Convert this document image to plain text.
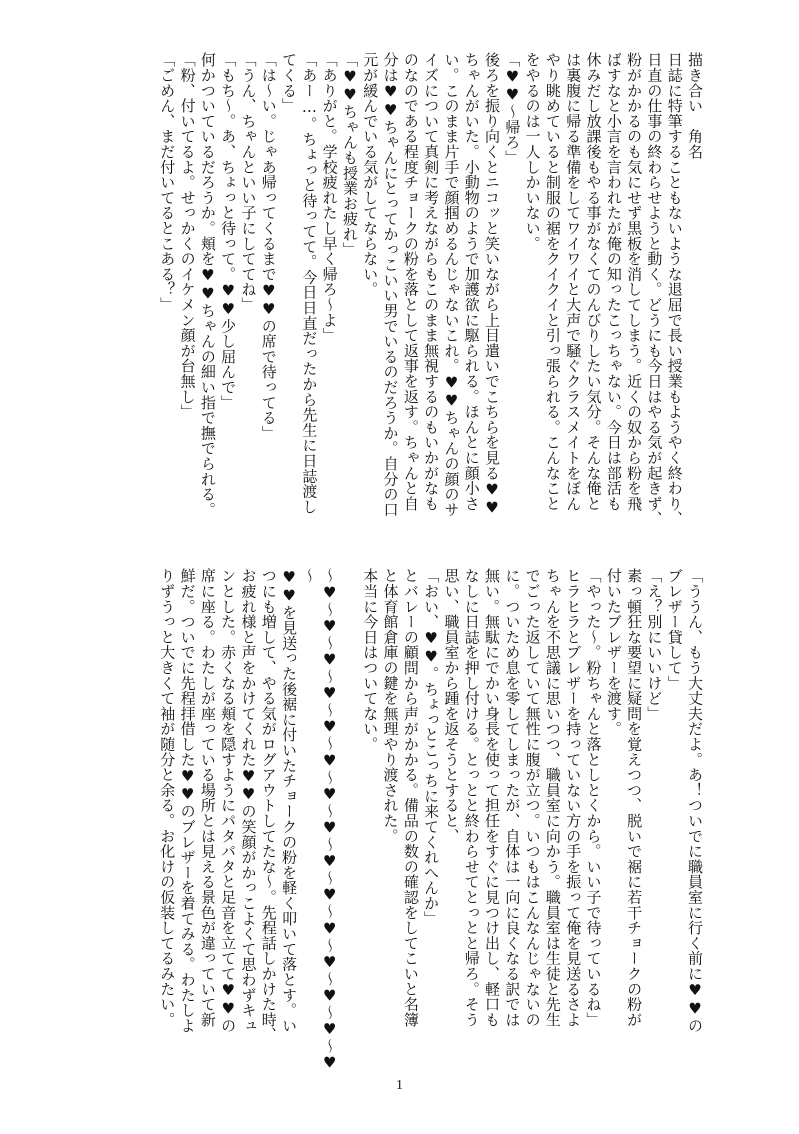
描き合い　角名
日誌に特筆することもないような退屈で長い授業もようやく終わり、
日直の仕事の終わらせようと動く。どうにも今日はやる気が起きず、
粉がかかるのも気にせず黒板を消してしまう。近くの奴から粉を飛
ばすなと小言を言われたが俺の知ったこっちゃない。今日は部活も
休みだし放課後もやる事がなくてのんびりしたい気分。そんな俺と
は裏腹に帰る準備をしてワイワイと大声で騒ぐクラスメイトをぼん
やり眺めていると制服の裾をクイクイと引っ張られる。こんなこと
をやるのは一人しかいない。
「♥♥〜帰ろ」
後ろを振り向くとニコッと笑いながら上目遣いでこちらを見る♥♥
ちゃんがいた。小動物のようで加護欲に駆られる。ほんとに顔小さ
い。このまま片手で顔掴めるんじゃないこれ。♥♥ちゃんの顔のサ
イズについて真剣に考えながらもこのまま無視するのもいかがなも
のなのである程度チョークの粉を落として返事を返す。ちゃんと自
分は♥♥ちゃんにとってかっこいい男でいるのだろうか。自分の口
元が緩んでいる気がしてならない。
「♥♥ちゃんも授業お疲れ」
「ありがと。学校疲れたし早く帰ろ〜よ」
「あー…。ちょっと待ってて。今日日直だったから先生に日誌渡し
てくる」
「は〜い。じゃあ帰ってくるまで♥♥の席で待ってる」
「うん、ちゃんといい子にしててね」
「もち〜。あ、ちょっと待って。♥♥少し屈んで」
何かついているだろうか。頬を♥♥ちゃんの細い指で撫でられる。
「粉、付いてるよ。せっかくのイケメン顔が台無し」
「ごめん、まだ付いてるとこある？」
「ううん、もう大丈夫だよ。あ！ついでに職員室に行く前に♥♥の
ブレザー貸して」
「え？別にいいけど」
素っ頓狂な要望に疑問を覚えつつ、脱いで裾に若干チョークの粉が
付いたブレザーを渡す。
「やった〜。粉ちゃんと落としとくから。いい子で待っているね」
ヒラヒラとブレザーを持っていない方の手を振って俺を見送るさよ
ちゃんを不思議に思いつつ、職員室に向かう。職員室は生徒と先生
でごった返していて無性に腹が立つ。いつもはこんなんじゃないの
に。ついため息を零してしまったが、自体は一向に良くなる訳では
無い。無駄にでかい身長を使って担任をすぐに見つけ出し、軽口も
なしに日誌を押し付ける。とっとと終わらせてとっとと帰ろ。そう
思い、職員室から踵を返そうとすると、
「おい、♥♥。ちょっとこっちに来てくれへんか」
とバレーの顧問から声がかかる。備品の数の確認をしてこいと名簿
と体育館倉庫の鍵を無理やり渡された。
本当に今日はついてない。

〜♥〜♥〜♥〜♥〜♥〜♥〜♥〜♥〜♥〜♥〜♥〜♥〜♥〜♥〜♥
〜
♥♥を見送った後裾に付いたチョークの粉を軽く叩いて落とす。い
つにも増して、やる気がログアウトしてたな〜。先程話しかけた時、
お疲れ様と声をかけてくれた♥♥の笑顔がかっこよくて思わずキュ
ンとした。赤くなる頬を隠すようにパタパタと足音を立てて♥♥の
席に座る。わたしが座っている場所とは見える景色が違っていて新
鮮だ。ついでに先程拝借した♥♥のブレザーを着てみる。わたしよ
りずうっと大きくて袖が随分と余る。お化けの仮装してるみたい。
1
